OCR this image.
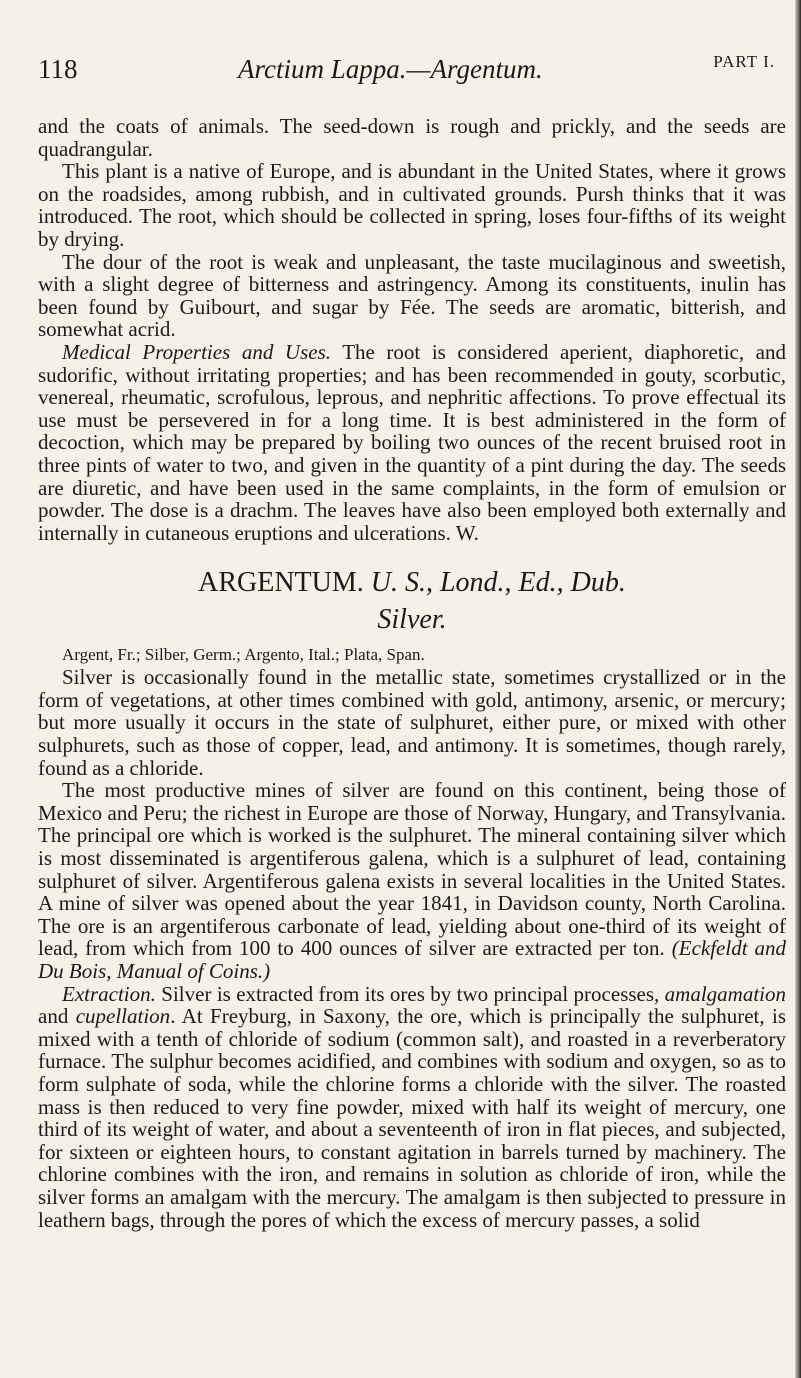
118	Arctium Lappa.—Argentum.	PART I.

and the coats of animals. The seed-down is rough and prickly, and the seeds are quadrangular.

This plant is a native of Europe, and is abundant in the United States, where it grows on the roadsides, among rubbish, and in cultivated grounds. Pursh thinks that it was introduced. The root, which should be collected in spring, loses four-fifths of its weight by drying.

The dour of the root is weak and unpleasant, the taste mucilaginous and sweetish, with a slight degree of bitterness and astringency. Among its constituents, inulin has been found by Guibourt, and sugar by Fée. The seeds are aromatic, bitterish, and somewhat acrid.

Medical Properties and Uses. The root is considered aperient, diaphoretic, and sudorific, without irritating properties; and has been recommended in gouty, scorbutic, venereal, rheumatic, scrofulous, leprous, and nephritic affections. To prove effectual its use must be persevered in for a long time. It is best administered in the form of decoction, which may be prepared by boiling two ounces of the recent bruised root in three pints of water to two, and given in the quantity of a pint during the day. The seeds are diuretic, and have been used in the same complaints, in the form of emulsion or powder. The dose is a drachm. The leaves have also been employed both externally and internally in cutaneous eruptions and ulcerations. W.

ARGENTUM. U. S., Lond., Ed., Dub.
Silver.

Argent, Fr.; Silber, Germ.; Argento, Ital.; Plata, Span.

Silver is occasionally found in the metallic state, sometimes crystallized or in the form of vegetations, at other times combined with gold, antimony, arsenic, or mercury; but more usually it occurs in the state of sulphuret, either pure, or mixed with other sulphurets, such as those of copper, lead, and antimony. It is sometimes, though rarely, found as a chloride.

The most productive mines of silver are found on this continent, being those of Mexico and Peru; the richest in Europe are those of Norway, Hungary, and Transylvania. The principal ore which is worked is the sulphuret. The mineral containing silver which is most disseminated is argentiferous galena, which is a sulphuret of lead, containing sulphuret of silver. Argentiferous galena exists in several localities in the United States. A mine of silver was opened about the year 1841, in Davidson county, North Carolina. The ore is an argentiferous carbonate of lead, yielding about one-third of its weight of lead, from which from 100 to 400 ounces of silver are extracted per ton. (Eckfeldt and Du Bois, Manual of Coins.)

Extraction. Silver is extracted from its ores by two principal processes, amalgamation and cupellation. At Freyburg, in Saxony, the ore, which is principally the sulphuret, is mixed with a tenth of chloride of sodium (common salt), and roasted in a reverberatory furnace. The sulphur becomes acidified, and combines with sodium and oxygen, so as to form sulphate of soda, while the chlorine forms a chloride with the silver. The roasted mass is then reduced to very fine powder, mixed with half its weight of mercury, one third of its weight of water, and about a seventeenth of iron in flat pieces, and subjected, for sixteen or eighteen hours, to constant agitation in barrels turned by machinery. The chlorine combines with the iron, and remains in solution as chloride of iron, while the silver forms an amalgam with the mercury. The amalgam is then subjected to pressure in leathern bags, through the pores of which the excess of mercury passes, a solid
